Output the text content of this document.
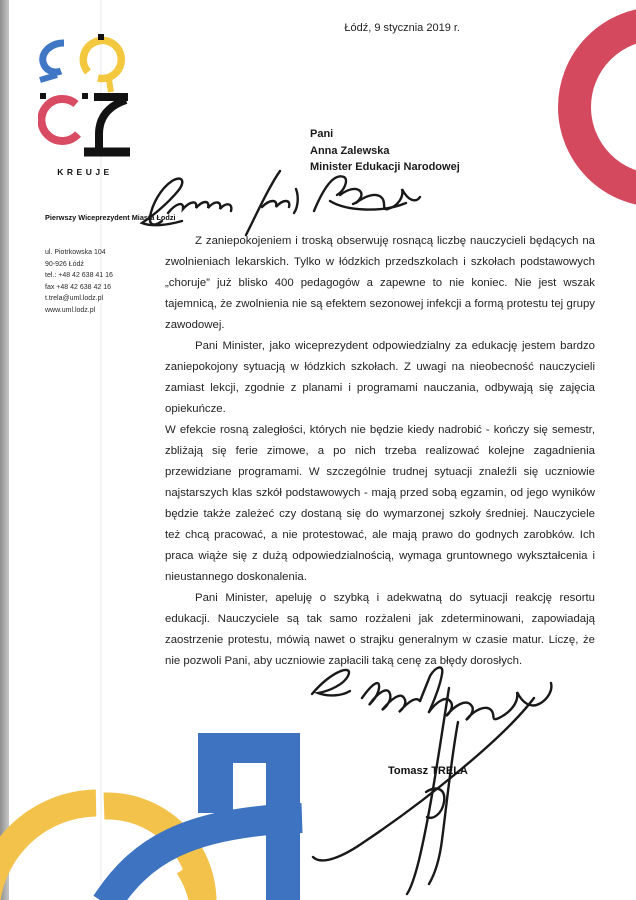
Łódź, 9 stycznia 2019 r.
KREUJE
Pierwszy Wiceprezydent Miasta Łodzi
ul. Piotrkowska 104
90-926 Łódź
tel.: +48 42 638 41 16
fax +48 42 638 42 16
t.trela@uml.lodz.pl
www.uml.lodz.pl
Pani
Anna Zalewska
Minister Edukacji Narodowej

Z zaniepokojeniem i troską obserwuję rosnącą liczbę nauczycieli będących na zwolnieniach lekarskich. Tylko w łódzkich przedszkolach i szkołach podstawowych „choruje” już blisko 400 pedagogów a zapewne to nie koniec. Nie jest wszak tajemnicą, że zwolnienia nie są efektem sezonowej infekcji a formą protestu tej grupy zawodowej.

Pani Minister, jako wiceprezydent odpowiedzialny za edukację jestem bardzo zaniepokojony sytuacją w łódzkich szkołach. Z uwagi na nieobecność nauczycieli zamiast lekcji, zgodnie z planami i programami nauczania, odbywają się zajęcia opiekuńcze.

W efekcie rosną zaległości, których nie będzie kiedy nadrobić - kończy się semestr, zbliżają się ferie zimowe, a po nich trzeba realizować kolejne zagadnienia przewidziane programami. W szczególnie trudnej sytuacji znaleźli się uczniowie najstarszych klas szkół podstawowych - mają przed sobą egzamin, od jego wyników będzie także zależeć czy dostaną się do wymarzonej szkoły średniej. Nauczyciele też chcą pracować, a nie protestować, ale mają prawo do godnych zarobków. Ich praca wiąże się z dużą odpowiedzialnością, wymaga gruntownego wykształcenia i nieustannego doskonalenia.

Pani Minister, apeluję o szybką i adekwatną do sytuacji reakcję resortu edukacji. Nauczyciele są tak samo rozżaleni jak zdeterminowani, zapowiadają zaostrzenie protestu, mówią nawet o strajku generalnym w czasie matur. Liczę, że nie pozwoli Pani, aby uczniowie zapłacili taką cenę za błędy dorosłych.

Tomasz TRELA
